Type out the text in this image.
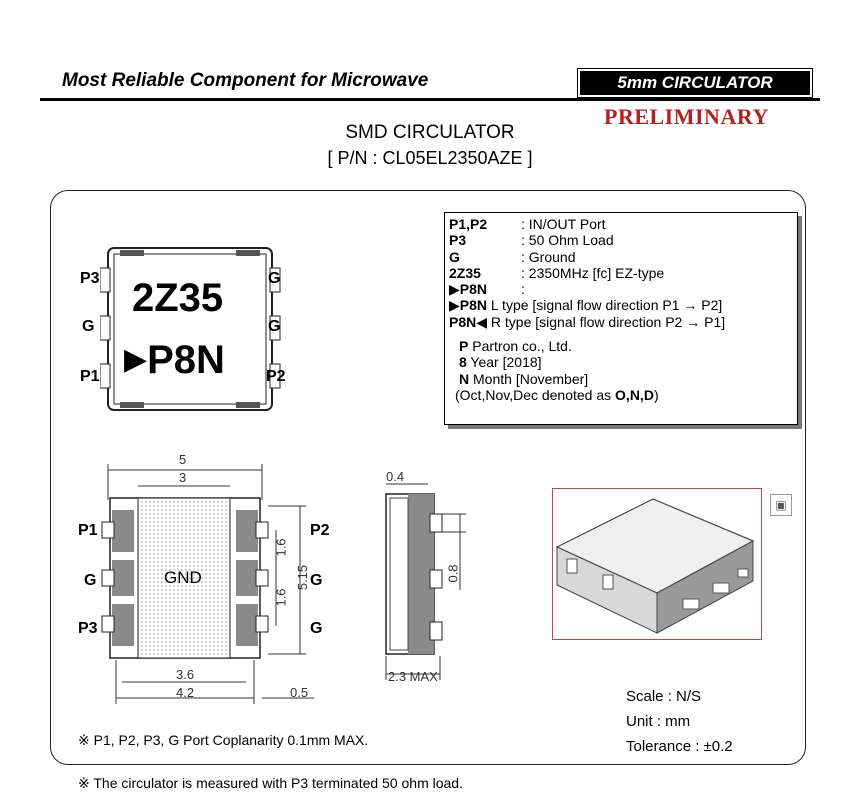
Most Reliable Component for Microwave	5mm CIRCULATOR
PRELIMINARY
SMD CIRCULATOR
[ P/N : CL05EL2350AZE ]
2Z35
▶P8N
P3
G
P1
G
G
P2
P1,P2 : IN/OUT Port
P3	: 50 Ohm Load
G	: Ground
2Z35	: 2350MHz [fc] EZ-type
▶P8N :
▶P8N L type [signal flow direction P1 → P2]
P8N◀ R type [signal flow direction P2 → P1]
P Partron co., Ltd.
8 Year [2018]
N Month [November]
(Oct,Nov,Dec denoted as O,N,D)
5
3
1.6
5.15
1.6
3.6
4.2	0.5
GND
P1
G
P3
P2
G
G
0.4
0.8
2.3 MAX
▣
Scale : N/S
Unit : mm
Tolerance : ±0.2
※ P1, P2, P3, G Port Coplanarity 0.1mm MAX.
※ The circulator is measured with P3 terminated 50 ohm load.
